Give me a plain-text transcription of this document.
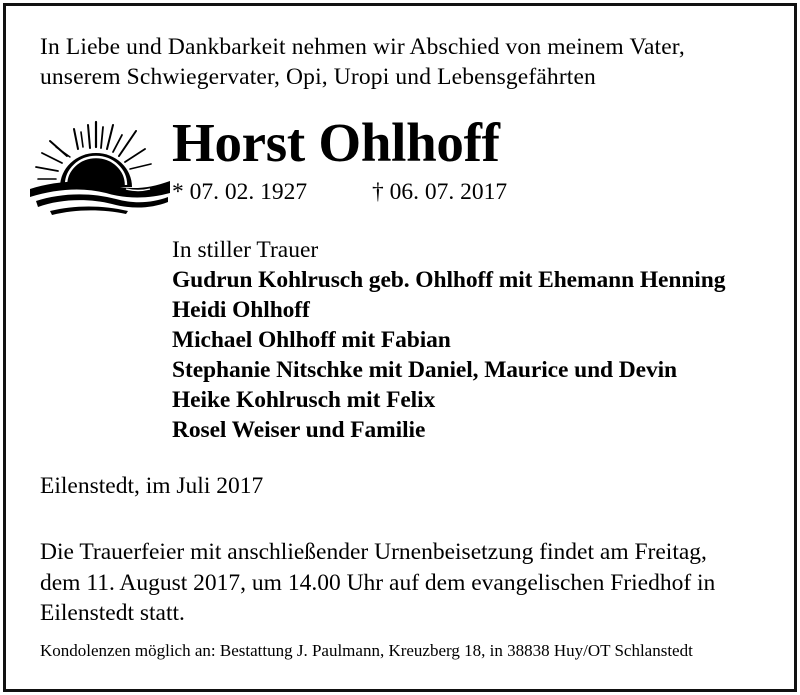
In Liebe und Dankbarkeit nehmen wir Abschied von meinem Vater,
unserem Schwiegervater, Opi, Uropi und Lebensgefährten
Horst Ohlhoff
* 07. 02. 1927	† 06. 07. 2017
In stiller Trauer
Gudrun Kohlrusch geb. Ohlhoff mit Ehemann Henning
Heidi Ohlhoff
Michael Ohlhoff mit Fabian
Stephanie Nitschke mit Daniel, Maurice und Devin
Heike Kohlrusch mit Felix
Rosel Weiser und Familie
Eilenstedt, im Juli 2017
Die Trauerfeier mit anschließender Urnenbeisetzung findet am Freitag,
dem 11. August 2017, um 14.00 Uhr auf dem evangelischen Friedhof in
Eilenstedt statt.
Kondolenzen möglich an: Bestattung J. Paulmann, Kreuzberg 18, in 38838 Huy/OT Schlanstedt
